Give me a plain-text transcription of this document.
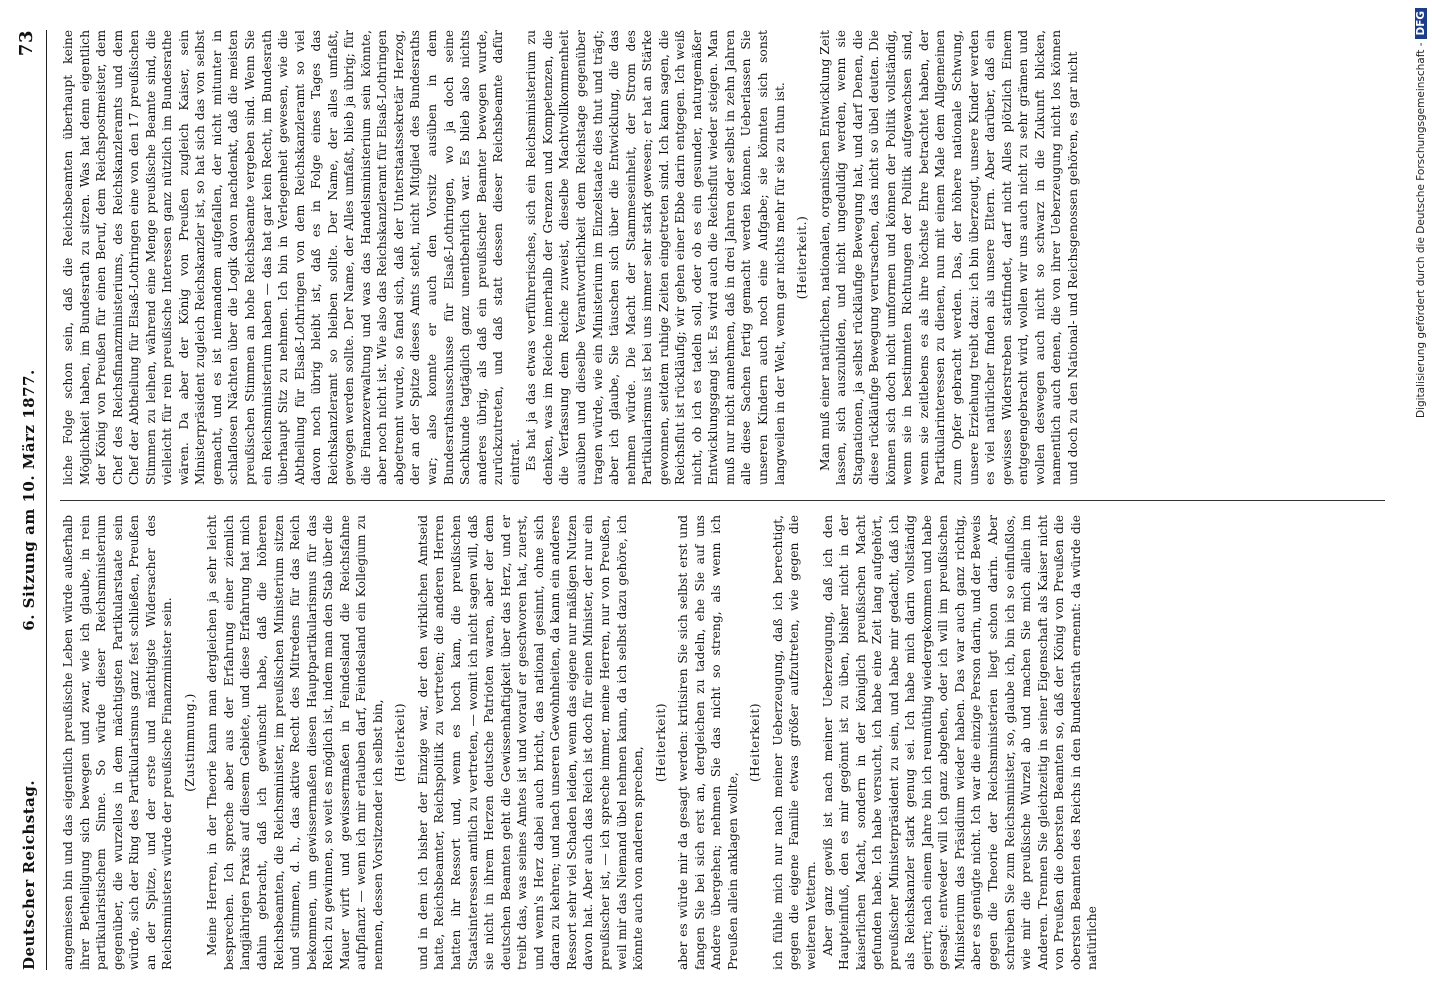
Deutscher Reichstag.
6. Sitzung am 10. März 1877.
73

angemiesen bin und das eigentlich preußische Leben würde außerhalb ihrer Betheiligung sich bewegen und zwar, wie ich glaube, in rein partikularistischem Sinne. So würde dieser Reichsministerium gegenüber, die wurzellos in dem mächtigsten Partikularstaate sein würde, sich der Ring des Partikularismus ganz fest schließen, Preußen an der Spitze, und der erste und mächtigste Widersacher des Reichsministers würde der preußische Finanzminister sein. (Zustimmung.) Meine Herren, in der Theorie kann man dergleichen ja sehr leicht besprechen. Ich spreche aber aus der Erfahrung einer ziemlich langjährigen Praxis auf diesem Gebiete, und diese Erfahrung hat mich dahin gebracht, daß ich gewünscht habe, daß die höheren Reichsbeamten, die Reichsminister, im preußischen Ministerium sitzen und stimmen, d. h., das aktive Recht des Mitredens für das Reich bekommen, um gewissermaßen diesen Hauptpartikularismus für das Reich zu gewinnen, so weit es möglich ist, indem man den Stab über die Mauer wirft und gewissermaßen in Feindesland die Reichsfahne aufpflanzt — wenn ich mir erlauben darf, Feindesland ein Kollegium zu nennen, dessen Vorsitzender ich selbst bin, (Heiterkeit) und in dem ich bisher der Einzige war, der den wirklichen Amtseid hatte, Reichsbeamter, Reichspolitik zu vertreten; die anderen Herren hatten ihr Ressort und, wenn es hoch kam, die preußischen Staatsinteressen amtlich zu vertreten, — womit ich nicht sagen will, daß sie nicht in ihrem Herzen deutsche Patrioten waren, aber der dem deutschen Beamten geht die Gewissenhaftigkeit über das Herz, und er treibt das, was seines Amtes ist und worauf er geschworen hat, zuerst, und wenn's Herz dabei auch bricht, das national gesinnt, ohne sich daran zu kehren; und nach unseren Gewohnheiten, da kann ein anderes Ressort sehr viel Schaden leiden, wenn das eigene nur mäßigen Nutzen davon hat. Aber auch das Reich ist doch für einen Minister, der nur ein preußischer ist, — ich spreche immer, meine Herren, nur von Preußen, weil mir das Niemand übel nehmen kann, da ich selbst dazu gehöre, ich könnte auch von anderen sprechen,

(Heiterkeit) aber es würde mir da gesagt werden: kritisiren Sie sich selbst erst und fangen Sie bei sich erst an, dergleichen zu tadeln, ehe Sie auf uns Andere übergehen; nehmen Sie das nicht so streng, als wenn ich Preußen allein anklagen wollte,

(Heiterkeit) ich fühle mich nur nach meiner Ueberzeugung, daß ich berechtigt, gegen die eigene Familie etwas größer aufzutreten, wie gegen die weiteren Vettern. Aber ganz gewiß ist nach meiner Ueberzeugung, daß ich den Haupteinfluß, den es mir gegönnt ist zu üben, bisher nicht in der kaiserlichen Macht, sondern in der königlich preußischen Macht gefunden habe. Ich habe versucht, ich habe eine Zeit lang aufgehört, preußischer Ministerpräsident zu sein, und habe mir gedacht, daß ich als Reichskanzler stark genug sei. Ich habe mich darin vollständig geirrt; nach einem Jahre bin ich reumüthig wiedergekommen und habe gesagt: entweder will ich ganz abgehen, oder ich will im preußischen Ministerium das Präsidium wieder haben. Das war auch ganz richtig, aber es genügte nicht. Ich war die einzige Person darin, und der Beweis gegen die Theorie der Reichsministerien liegt schon darin. Aber schreiben Sie zum Reichsminister, so, glaube ich, bin ich so einflußlos, wie mir die preußische Wurzel ab und machen Sie mich allein im Anderen. Trennen Sie gleichzeitig in seiner Eigenschaft als Kaiser nicht von Preußen die obersten Beamten so, daß der König von Preußen die obersten Beamten des Reichs in den Bundesrath ernennt: da würde die natürliche

liche Folge schon sein, daß die Reichsbeamten überhaupt keine Möglichkeit haben, im Bundesrath zu sitzen. Was hat denn eigentlich der König von Preußen für einen Beruf, dem Reichspostmeister, dem Chef des Reichsfinanzministeriums, des Reichskanzleramts und dem Chef der Abtheilung für Elsaß-Lothringen eine von den 17 preußischen Stimmen zu leihen, während eine Menge preußische Beamte sind, die vielleicht für rein preußische Interessen ganz nützlich im Bundesrathe wären. Da aber der König von Preußen zugleich Kaiser, sein Ministerpräsident zugleich Reichskanzler ist, so hat sich das von selbst gemacht, und es ist niemandem aufgefallen, der nicht mitunter in schlaflosen Nächten über die Logik davon nachdenkt, daß die meisten preußischen Stimmen an hohe Reichsbeamte vergeben sind. Wenn Sie ein Reichsministerium haben — das hat gar kein Recht, im Bundesrath überhaupt Sitz zu nehmen. Ich bin in Verlegenheit gewesen, wie die Abtheilung für Elsaß-Lothringen von dem Reichskanzleramt so viel davon noch übrig bleibt ist, daß es in Folge eines Tages das Reichskanzleramt so bleiben sollte. Der Name, der alles umfaßt, gewogen werden sollte. Der Name, der Alles umfaßt, blieb ja übrig; für die Finanzverwaltung und was das Handelsministerium sein könnte, aber noch nicht ist. Wie also das Reichskanzleramt für Elsaß-Lothringen abgetrennt wurde, so fand sich, daß der Unterstaatssekretär Herzog, der an der Spitze dieses Amts steht, nicht Mitglied des Bundesraths war; also konnte er auch den Vorsitz ausüben in dem Bundesrathsausschusse für Elsaß-Lothringen, wo ja doch seine Sachkunde tagtäglich ganz unentbehrlich war. Es blieb also nichts anderes übrig, als daß ein preußischer Beamter bewogen wurde, zurückzutreten, und daß statt dessen dieser Reichsbeamte dafür eintrat. Es hat ja das etwas verführerisches, sich ein Reichsministerium zu denken, was im Reiche innerhalb der Grenzen und Kompetenzen, die die Verfassung dem Reiche zuweist, dieselbe Machtvollkommenheit ausüben und dieselbe Verantwortlichkeit dem Reichstage gegenüber tragen würde, wie ein Ministerium im Einzelstaate dies thut und trägt; aber ich glaube, Sie täuschen sich über die Entwicklung, die das nehmen würde. Die Macht der Stammeseinheit, der Strom des Partikularismus ist bei uns immer sehr stark gewesen; er hat an Stärke gewonnen, seitdem ruhige Zeiten eingetreten sind. Ich kann sagen, die Reichsflut ist rückläufig; wir gehen einer Ebbe darin entgegen. Ich weiß nicht, ob ich es tadeln soll, oder ob es ein gesunder, naturgemäßer Entwicklungsgang ist. Es wird auch die Reichsflut wieder steigen. Man muß nur nicht annehmen, daß in drei Jahren oder selbst in zehn Jahren alle diese Sachen fertig gemacht werden können. Ueberlassen Sie unseren Kindern auch noch eine Aufgabe; sie könnten sich sonst langweilen in der Welt, wenn gar nichts mehr für sie zu thun ist. (Heiterkeit.) Man muß einer natürlichen, nationalen, organischen Entwicklung Zeit lassen, sich auszubilden, und nicht ungeduldig werden, wenn sie Stagnationen, ja selbst rückläufige Bewegung hat, und darf Denen, die diese rückläufige Bewegung verursachen, das nicht so übel deuten. Die können sich doch nicht umformen und können der Politik vollständig, wenn sie in bestimmten Richtungen der Politik aufgewachsen sind, wenn sie zeitlebens es als ihre höchste Ehre betrachtet haben, der Partikularinteressen zu dienen, nun mit einem Male dem Allgemeinen zum Opfer gebracht werden. Das, der höhere nationale Schwung, unsere Erziehung treibt dazu: ich bin überzeugt, unsere Kinder werden es viel natürlicher finden als unsere Eltern. Aber darüber, daß ein gewisses Widerstreben stattfindet, darf nicht Alles plötzlich Einem entgegengebracht wird, wollen wir uns auch nicht zu sehr grämen und wollen deswegen auch nicht so schwarz in die Zukunft blicken, namentlich auch denen, die von ihrer Ueberzeugung nicht los können und doch zu den National- und Reichsgenossen gehören, es gar nicht	Digitalisierung gefördert durch die Deutsche Forschungsgemeinschaft -DFG
